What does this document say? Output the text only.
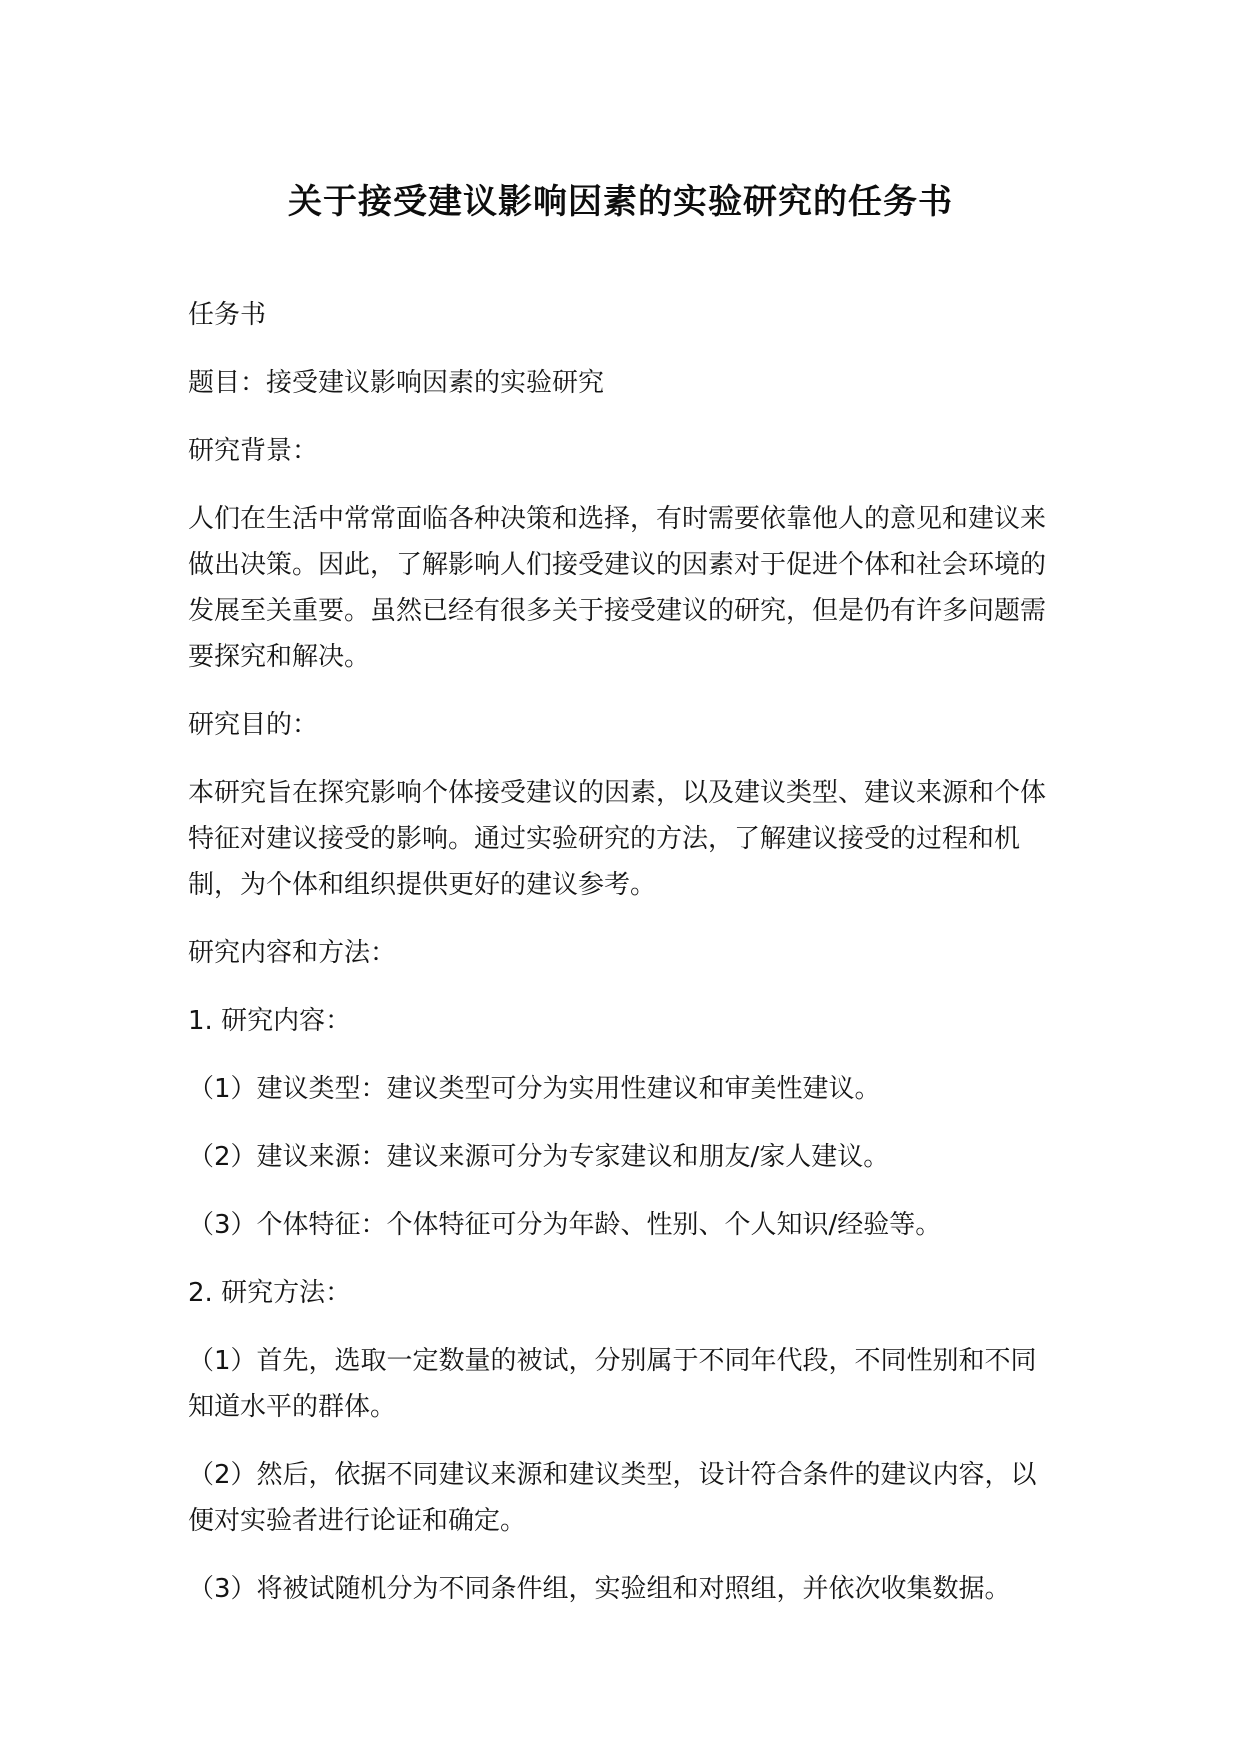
关于接受建议影响因素的实验研究的任务书

任务书

题目：接受建议影响因素的实验研究

研究背景：

人们在生活中常常面临各种决策和选择，有时需要依靠他人的意见和建议来做出决策。因此，了解影响人们接受建议的因素对于促进个体和社会环境的发展至关重要。虽然已经有很多关于接受建议的研究，但是仍有许多问题需要探究和解决。

研究目的：

本研究旨在探究影响个体接受建议的因素，以及建议类型、建议来源和个体特征对建议接受的影响。通过实验研究的方法，了解建议接受的过程和机制，为个体和组织提供更好的建议参考。

研究内容和方法：

1. 研究内容：

（1）建议类型：建议类型可分为实用性建议和审美性建议。

（2）建议来源：建议来源可分为专家建议和朋友/家人建议。

（3）个体特征：个体特征可分为年龄、性别、个人知识/经验等。

2. 研究方法：

（1）首先，选取一定数量的被试，分别属于不同年代段，不同性别和不同知道水平的群体。

（2）然后，依据不同建议来源和建议类型，设计符合条件的建议内容，以便对实验者进行论证和确定。

（3）将被试随机分为不同条件组，实验组和对照组，并依次收集数据。
